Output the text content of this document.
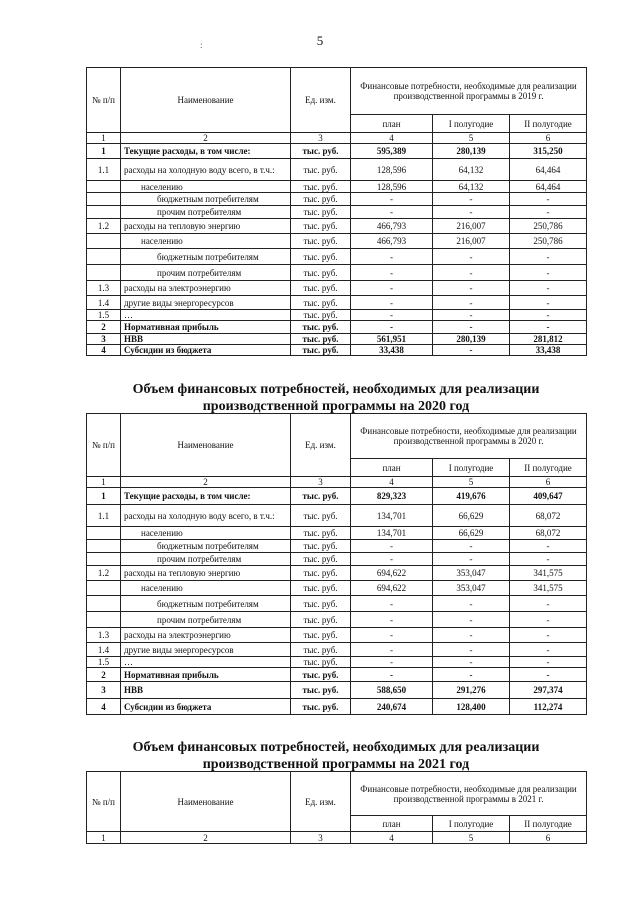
5
:
№ п/п	Наименование	Ед. изм.	Финансовые потребности, необходимые для реализации производственной программы в 2019 г.		
			план	I полугодие	II полугодие
1	2	3	4	5	6
1	Текущие расходы, в том числе:	тыс. руб.	595,389	280,139	315,250
1.1	расходы на холодную воду всего, в т.ч.:	тыс. руб.	128,596	64,132	64,464
	населению	тыс. руб.	128,596	64,132	64,464
	бюджетным потребителям	тыс. руб.	-	-	-
	прочим потребителям	тыс. руб.	-	-	-
1.2	расходы на тепловую энергию	тыс. руб.	466,793	216,007	250,786
	населению	тыс. руб.	466,793	216,007	250,786
	бюджетным потребителям	тыс. руб.	-	-	-
	прочим потребителям	тыс. руб.	-	-	-
1.3	расходы на электроэнергию	тыс. руб.	-	-	-
1.4	другие виды энергоресурсов	тыс. руб.	-	-	-
1.5	…	тыс. руб.	-	-	-
2	Нормативная прибыль	тыс. руб.	-	-	-
3	НВВ	тыс. руб.	561,951	280,139	281,812
4	Субсидии из бюджета	тыс. руб.	33,438	-	33,438
Объем финансовых потребностей, необходимых для реализации производственной программы на 2020 год
№ п/п	Наименование	Ед. изм.	Финансовые потребности, необходимые для реализации производственной программы в 2020 г.		
			план	I полугодие	II полугодие
1	2	3	4	5	6
1	Текущие расходы, в том числе:	тыс. руб.	829,323	419,676	409,647
1.1	расходы на холодную воду всего, в т.ч.:	тыс. руб.	134,701	66,629	68,072
	населению	тыс. руб.	134,701	66,629	68,072
	бюджетным потребителям	тыс. руб.	-	-	-
	прочим потребителям	тыс. руб.	-	-	-
1.2	расходы на тепловую энергию	тыс. руб.	694,622	353,047	341,575
	населению	тыс. руб.	694,622	353,047	341,575
	бюджетным потребителям	тыс. руб.	-	-	-
	прочим потребителям	тыс. руб.	-	-	-
1.3	расходы на электроэнергию	тыс. руб.	-	-	-
1.4	другие виды энергоресурсов	тыс. руб.	-	-	-
1.5	…	тыс. руб.	-	-	-
2	Нормативная прибыль	тыс. руб.	-	-	-
3	НВВ	тыс. руб.	588,650	291,276	297,374
4	Субсидии из бюджета	тыс. руб.	240,674	128,400	112,274
Объем финансовых потребностей, необходимых для реализации производственной программы на 2021 год
№ п/п	Наименование	Ед. изм.	Финансовые потребности, необходимые для реализации производственной программы в 2021 г.		
			план	I полугодие	II полугодие
1	2	3	4	5	6
